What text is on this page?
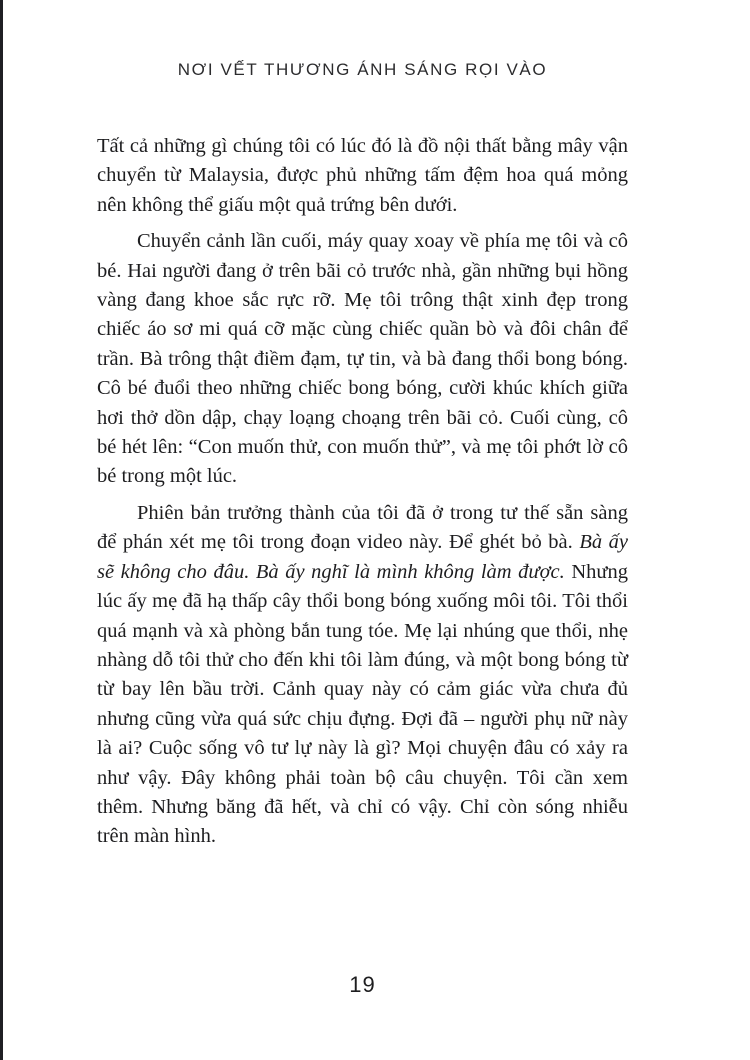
NƠI VẾT THƯƠNG ÁNH SÁNG RỌI VÀO

Tất cả những gì chúng tôi có lúc đó là đồ nội thất bằng mây vận chuyển từ Malaysia, được phủ những tấm đệm hoa quá mỏng nên không thể giấu một quả trứng bên dưới.

Chuyển cảnh lần cuối, máy quay xoay về phía mẹ tôi và cô bé. Hai người đang ở trên bãi cỏ trước nhà, gần những bụi hồng vàng đang khoe sắc rực rỡ. Mẹ tôi trông thật xinh đẹp trong chiếc áo sơ mi quá cỡ mặc cùng chiếc quần bò và đôi chân để trần. Bà trông thật điềm đạm, tự tin, và bà đang thổi bong bóng. Cô bé đuổi theo những chiếc bong bóng, cười khúc khích giữa hơi thở dồn dập, chạy loạng choạng trên bãi cỏ. Cuối cùng, cô bé hét lên: “Con muốn thử, con muốn thử”, và mẹ tôi phớt lờ cô bé trong một lúc.

Phiên bản trưởng thành của tôi đã ở trong tư thế sẵn sàng để phán xét mẹ tôi trong đoạn video này. Để ghét bỏ bà. Bà ấy sẽ không cho đâu. Bà ấy nghĩ là mình không làm được. Nhưng lúc ấy mẹ đã hạ thấp cây thổi bong bóng xuống môi tôi. Tôi thổi quá mạnh và xà phòng bắn tung tóe. Mẹ lại nhúng que thổi, nhẹ nhàng dỗ tôi thử cho đến khi tôi làm đúng, và một bong bóng từ từ bay lên bầu trời. Cảnh quay này có cảm giác vừa chưa đủ nhưng cũng vừa quá sức chịu đựng. Đợi đã – người phụ nữ này là ai? Cuộc sống vô tư lự này là gì? Mọi chuyện đâu có xảy ra như vậy. Đây không phải toàn bộ câu chuyện. Tôi cần xem thêm. Nhưng băng đã hết, và chỉ có vậy. Chỉ còn sóng nhiễu trên màn hình.

19
